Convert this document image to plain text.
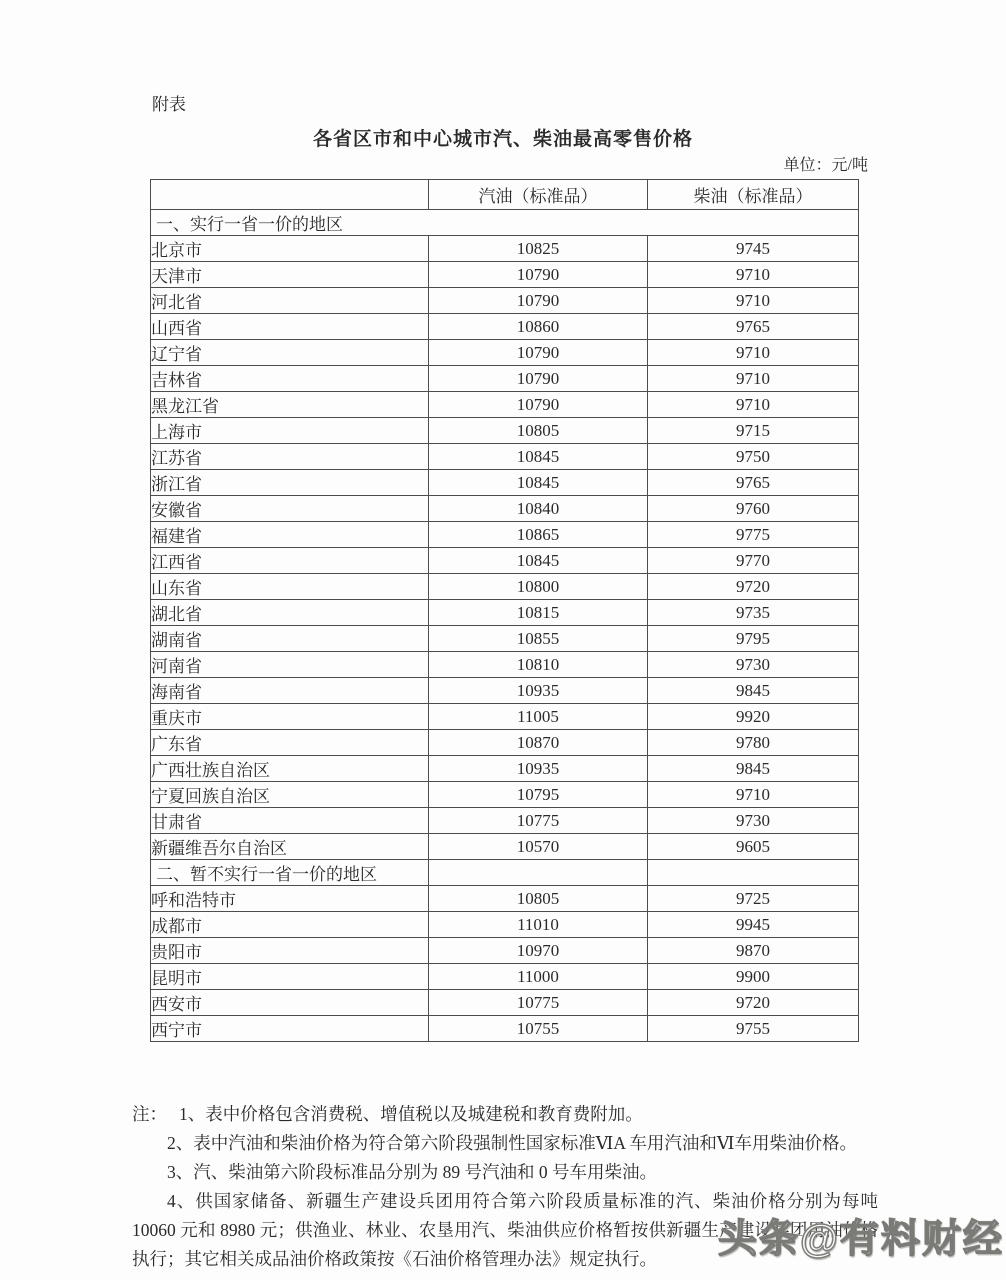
附表
各省区市和中心城市汽、柴油最高零售价格
单位：元/吨
	汽油（标准品）	柴油（标准品）
一、实行一省一价的地区		
北京市	10825	9745
天津市	10790	9710
河北省	10790	9710
山西省	10860	9765
辽宁省	10790	9710
吉林省	10790	9710
黑龙江省	10790	9710
上海市	10805	9715
江苏省	10845	9750
浙江省	10845	9765
安徽省	10840	9760
福建省	10865	9775
江西省	10845	9770
山东省	10800	9720
湖北省	10815	9735
湖南省	10855	9795
河南省	10810	9730
海南省	10935	9845
重庆市	11005	9920
广东省	10870	9780
广西壮族自治区	10935	9845
宁夏回族自治区	10795	9710
甘肃省	10775	9730
新疆维吾尔自治区	10570	9605
二、暂不实行一省一价的地区		
呼和浩特市	10805	9725
成都市	11010	9945
贵阳市	10970	9870
昆明市	11000	9900
西安市	10775	9720
西宁市	10755	9755

注： 1、表中价格包含消费税、增值税以及城建税和教育费附加。

2、表中汽油和柴油价格为符合第六阶段强制性国家标准ⅥA 车用汽油和Ⅵ车用柴油价格。

3、汽、柴油第六阶段标准品分别为 89 号汽油和 0 号车用柴油。

4、供国家储备、新疆生产建设兵团用符合第六阶段质量标准的汽、柴油价格分别为每吨 10060 元和 8980 元；供渔业、林业、农垦用汽、柴油供应价格暂按供新疆生产建设兵团用油价格执行；其它相关成品油价格政策按《石油价格管理办法》规定执行。	头条@有料财经
